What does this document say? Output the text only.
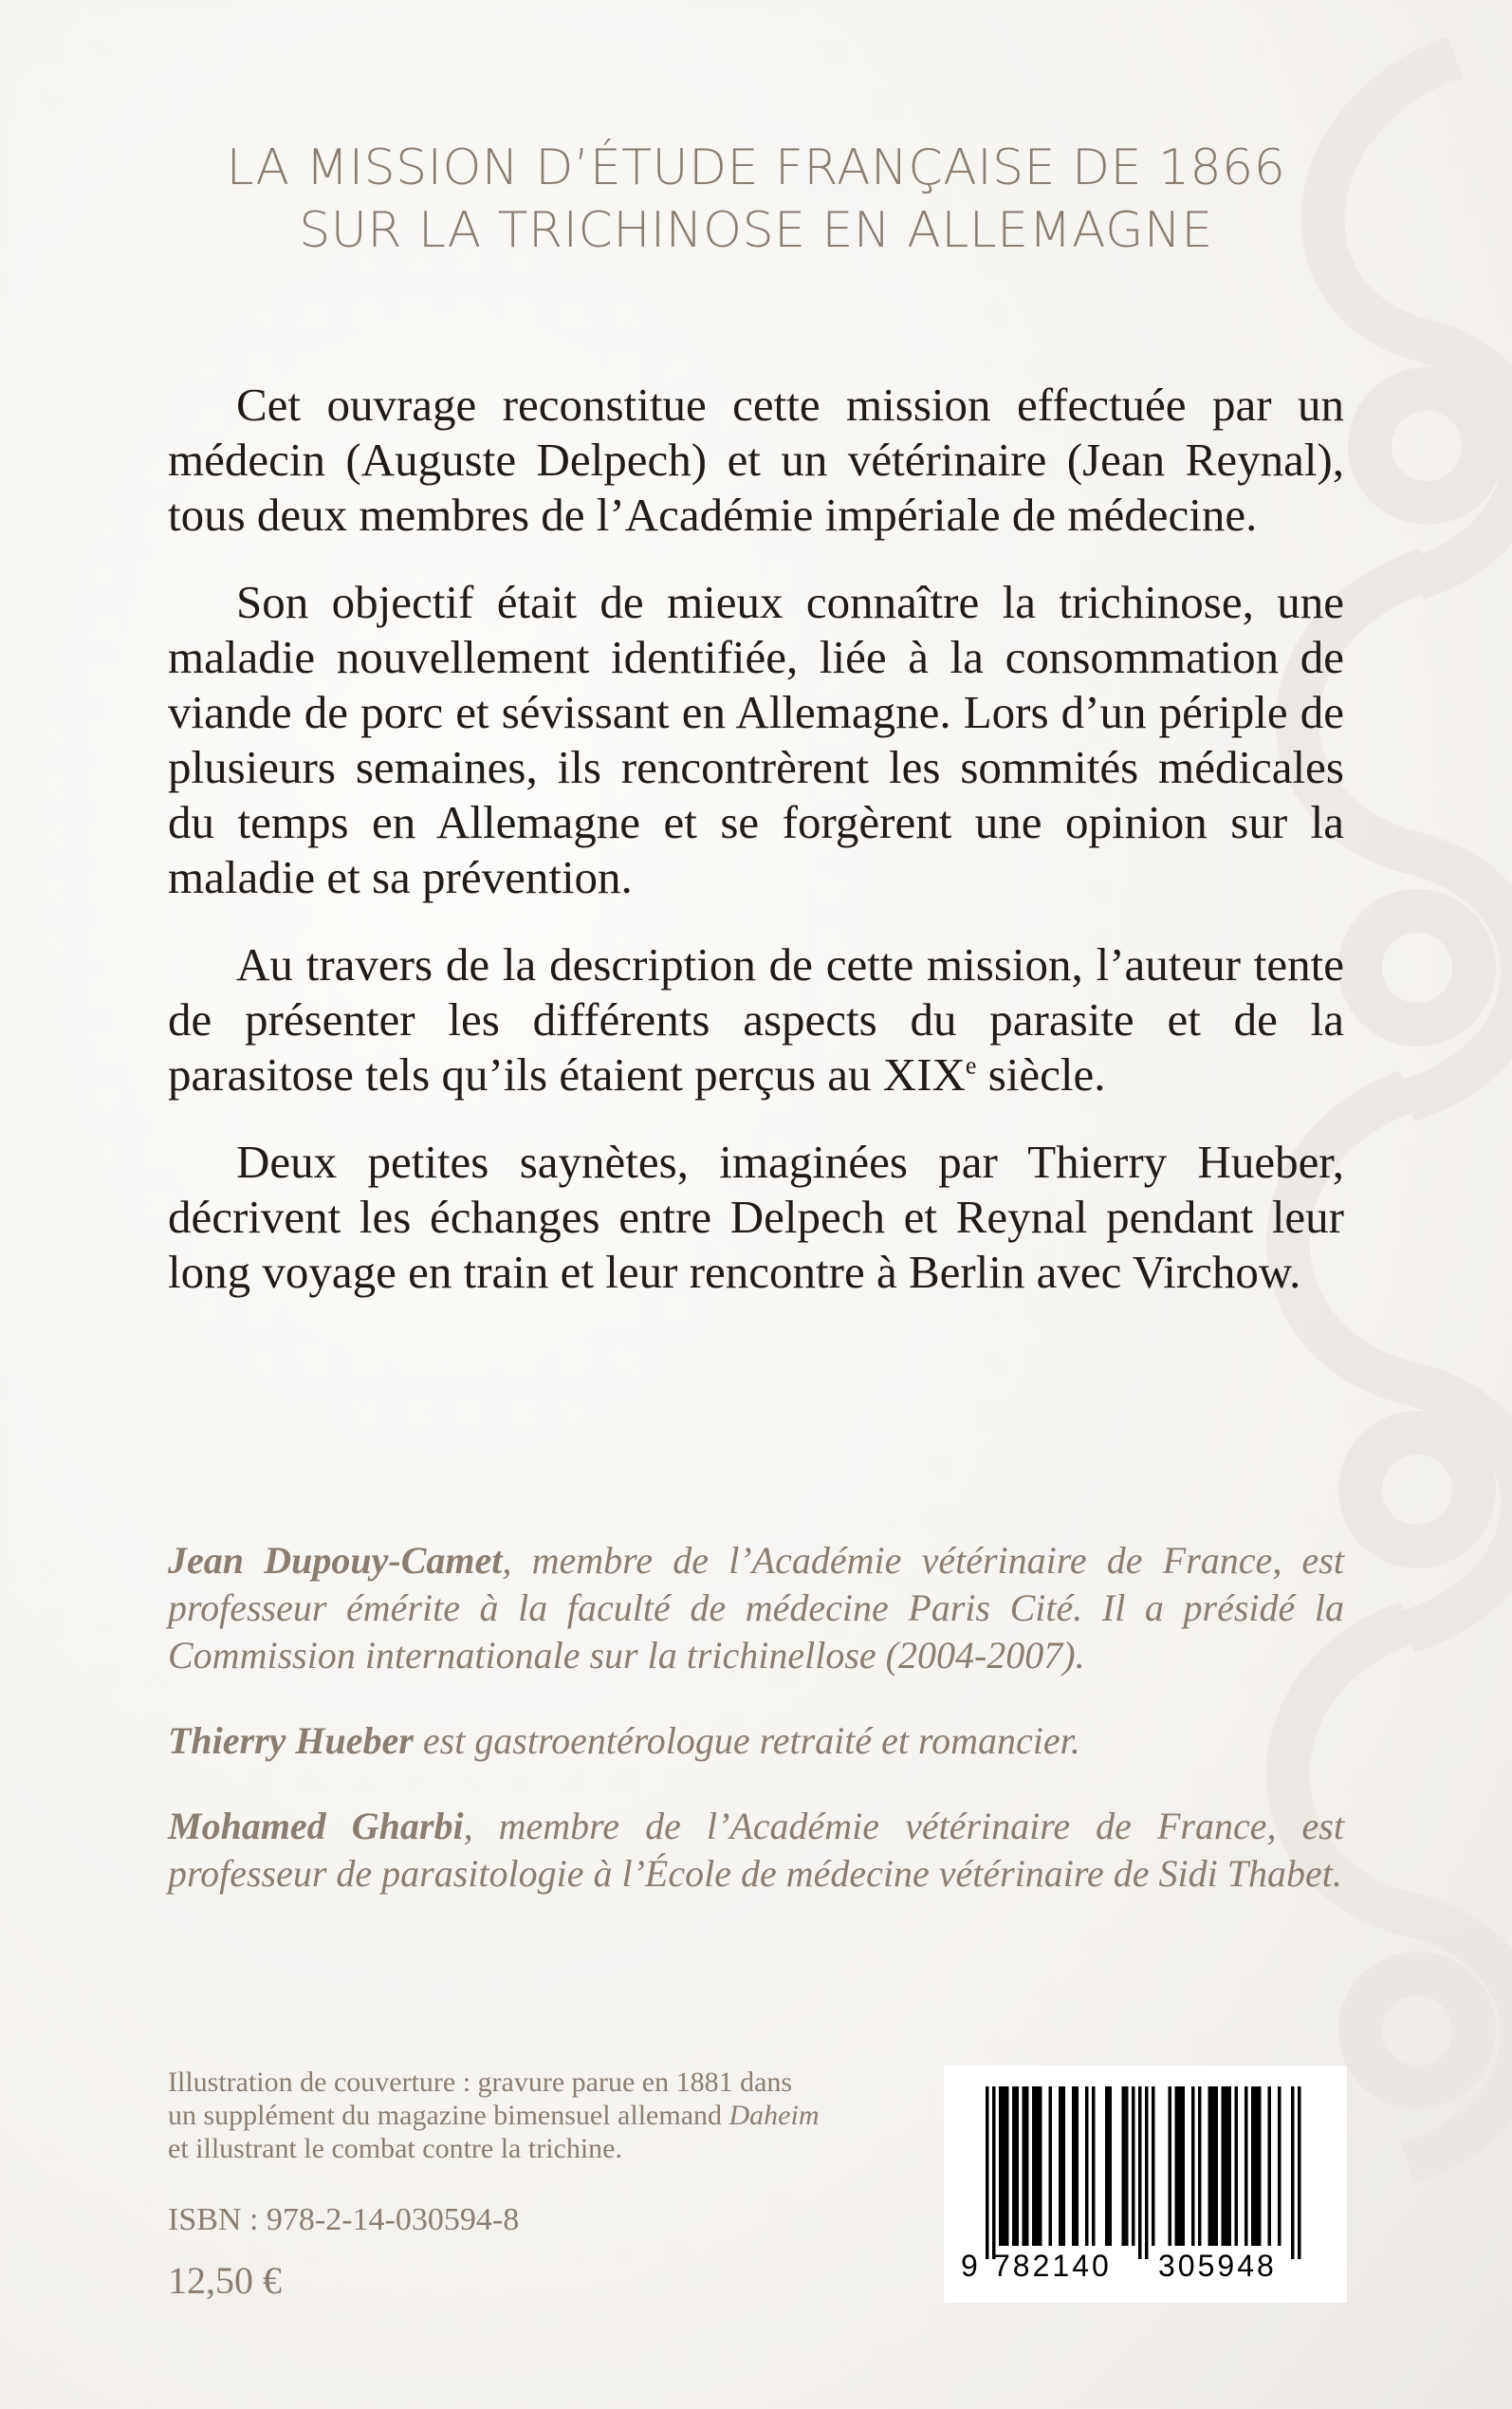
LA MISSION D’ÉTUDE FRANÇAISE DE 1866
SUR LA TRICHINOSE EN ALLEMAGNE

Cet ouvrage reconstitue cette mission effectuée par un médecin (Auguste Delpech) et un vétérinaire (Jean Reynal), tous deux membres de l’Académie impériale de médecine.

Son objectif était de mieux connaître la trichinose, une maladie nouvellement identifiée, liée à la consommation de viande de porc et sévissant en Allemagne. Lors d’un périple de plusieurs semaines, ils rencontrèrent les sommités médicales du temps en Allemagne et se forgèrent une opinion sur la maladie et sa prévention.

Au travers de la description de cette mission, l’auteur tente de présenter les différents aspects du parasite et de la parasitose tels qu’ils étaient perçus au XIXe siècle.

Deux petites saynètes, imaginées par Thierry Hueber, décrivent les échanges entre Delpech et Reynal pendant leur long voyage en train et leur rencontre à Berlin avec Virchow.

Jean Dupouy-Camet, membre de l’Académie vétérinaire de France, est professeur émérite à la faculté de médecine Paris Cité. Il a présidé la Commission internationale sur la trichinellose (2004-2007).

Thierry Hueber est gastroentérologue retraité et romancier.

Mohamed Gharbi, membre de l’Académie vétérinaire de France, est professeur de parasitologie à l’École de médecine vétérinaire de Sidi Thabet.

Illustration de couverture : gravure parue en 1881 dans
un supplément du magazine bimensuel allemand Daheim
et illustrant le combat contre la trichine.
ISBN : 978-2-14-030594-8
12,50 €	9 782140 305948
